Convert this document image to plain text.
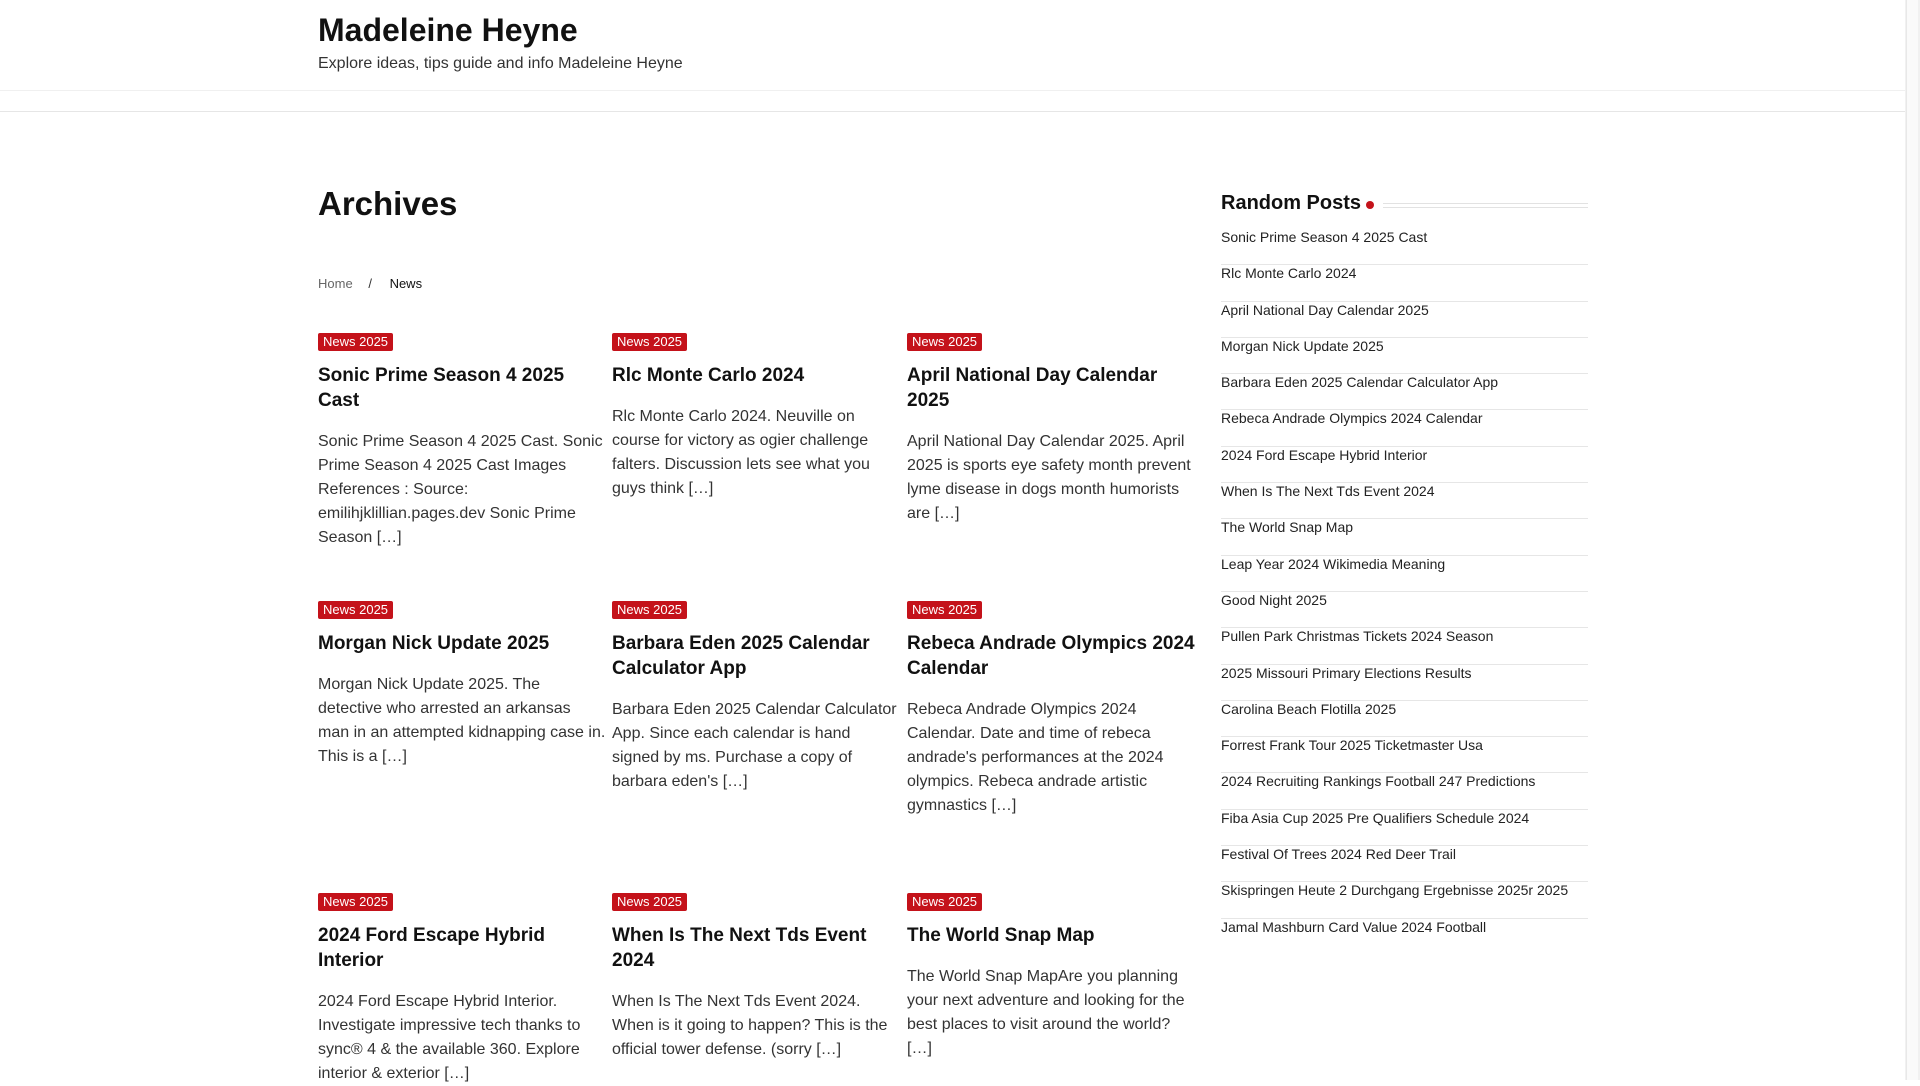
Madeleine Heyne
Explore ideas, tips guide and info Madeleine Heyne
Archives
Home / News
News 2025
Sonic Prime Season 4 2025 Cast

Sonic Prime Season 4 2025 Cast. Sonic Prime Season 4 2025 Cast Images References : Source: emilihjklillian.pages.dev Sonic Prime Season […]

News 2025
Rlc Monte Carlo 2024

Rlc Monte Carlo 2024. Neuville on course for victory as ogier challenge falters. Discussion lets see what you guys think […]

News 2025
April National Day Calendar 2025

April National Day Calendar 2025. April 2025 is sports eye safety month prevent lyme disease in dogs month humorists are […]

News 2025
Morgan Nick Update 2025

Morgan Nick Update 2025. The detective who arrested an arkansas man in an attempted kidnapping case in. This is a […]

News 2025
Barbara Eden 2025 Calendar Calculator App

Barbara Eden 2025 Calendar Calculator App. Since each calendar is hand signed by ms. Purchase a copy of barbara eden's […]

News 2025
Rebeca Andrade Olympics 2024 Calendar

Rebeca Andrade Olympics 2024 Calendar. Date and time of rebeca andrade's performances at the 2024 olympics. Rebeca andrade artistic gymnastics […]

News 2025
2024 Ford Escape Hybrid Interior

2024 Ford Escape Hybrid Interior. Investigate impressive tech thanks to sync® 4 & the available 360. Explore interior & exterior […]

News 2025
When Is The Next Tds Event 2024

When Is The Next Tds Event 2024. When is it going to happen? This is the official tower defense. (sorry […]

News 2025
The World Snap Map

The World Snap MapAre you planning your next adventure and looking for the best places to visit around the world? […]

Random Posts
Sonic Prime Season 4 2025 Cast
Rlc Monte Carlo 2024
April National Day Calendar 2025
Morgan Nick Update 2025
Barbara Eden 2025 Calendar Calculator App
Rebeca Andrade Olympics 2024 Calendar
2024 Ford Escape Hybrid Interior
When Is The Next Tds Event 2024
The World Snap Map
Leap Year 2024 Wikimedia Meaning
Good Night 2025
Pullen Park Christmas Tickets 2024 Season
2025 Missouri Primary Elections Results
Carolina Beach Flotilla 2025
Forrest Frank Tour 2025 Ticketmaster Usa
2024 Recruiting Rankings Football 247 Predictions
Fiba Asia Cup 2025 Pre Qualifiers Schedule 2024
Festival Of Trees 2024 Red Deer Trail
Skispringen Heute 2 Durchgang Ergebnisse 2025r 2025
Jamal Mashburn Card Value 2024 Football
